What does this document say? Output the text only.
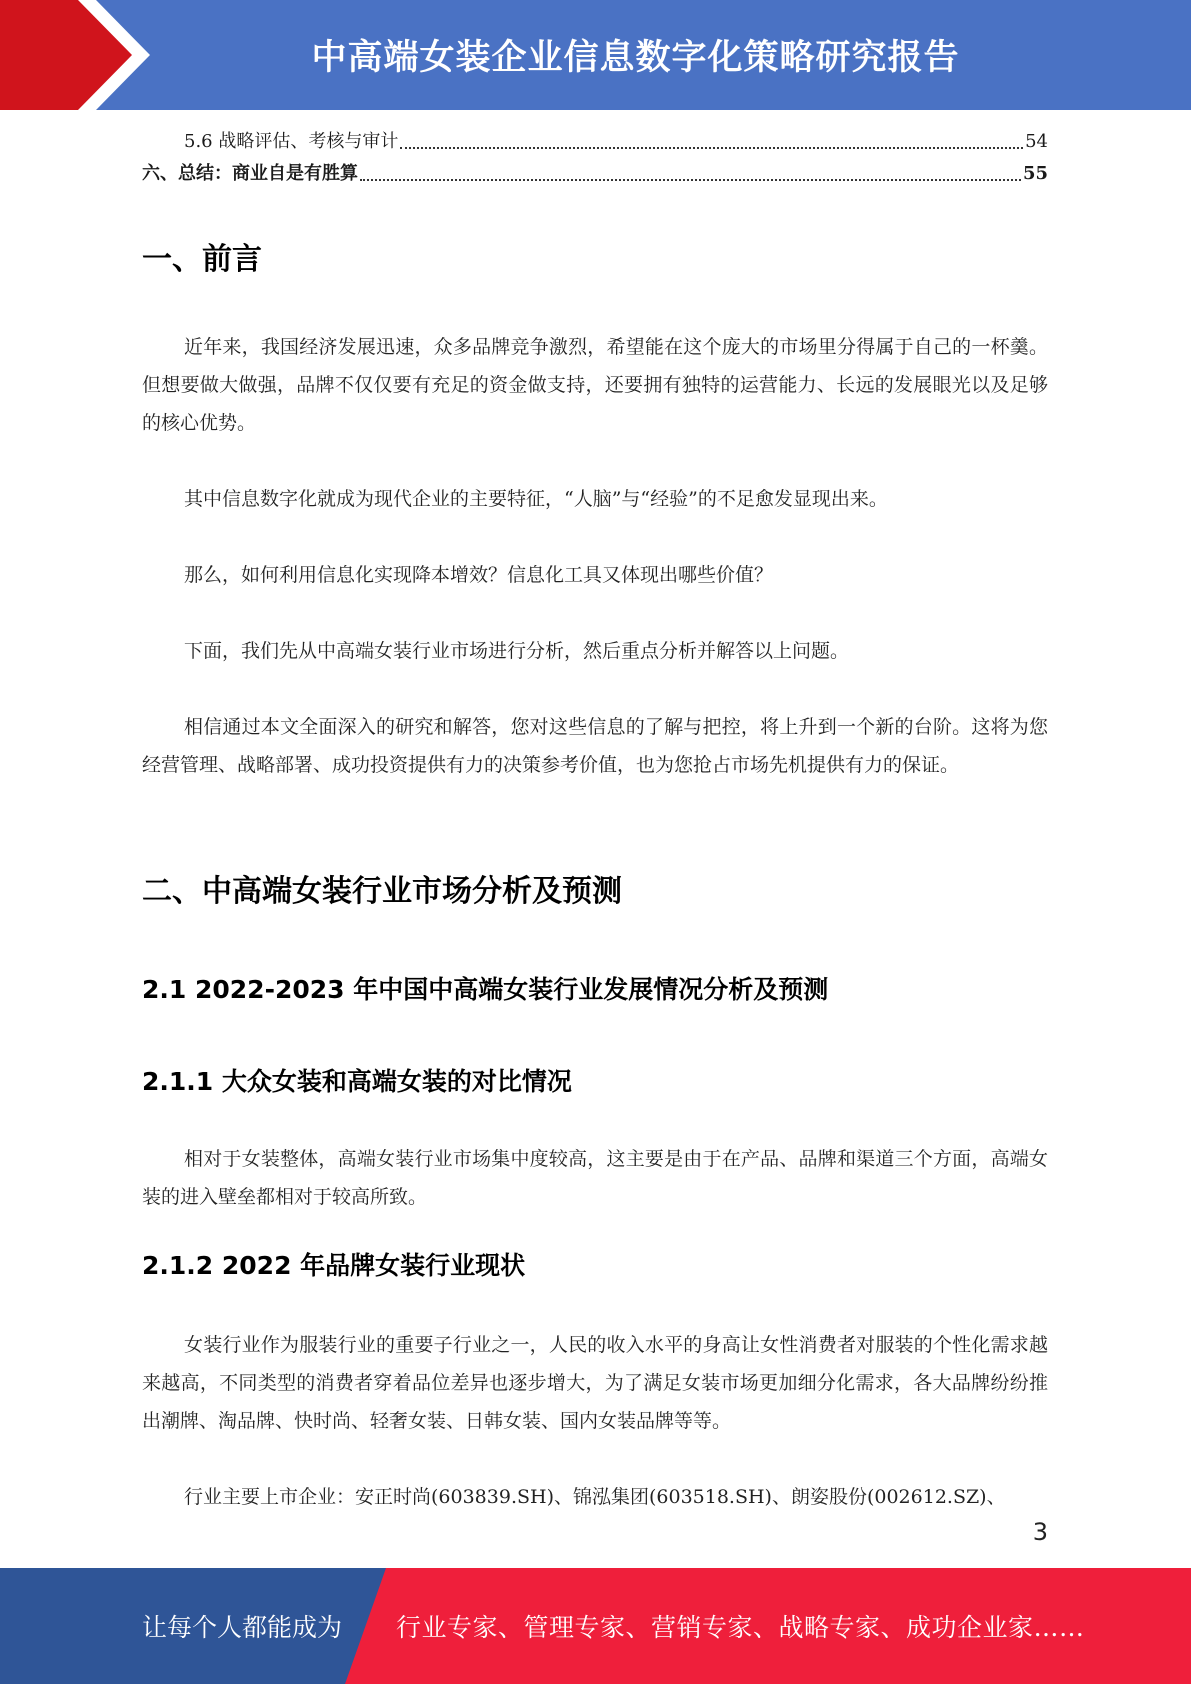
中高端女装企业信息数字化策略研究报告
5.6 战略评估、考核与审计	54
六、总结：商业自是有胜算	55
一、前言

近年来，我国经济发展迅速，众多品牌竞争激烈，希望能在这个庞大的市场里分得属于自己的一杯羹。但想要做大做强，品牌不仅仅要有充足的资金做支持，还要拥有独特的运营能力、长远的发展眼光以及足够的核心优势。

其中信息数字化就成为现代企业的主要特征，“人脑”与“经验”的不足愈发显现出来。

那么，如何利用信息化实现降本增效？信息化工具又体现出哪些价值？

下面，我们先从中高端女装行业市场进行分析，然后重点分析并解答以上问题。

相信通过本文全面深入的研究和解答，您对这些信息的了解与把控，将上升到一个新的台阶。这将为您经营管理、战略部署、成功投资提供有力的决策参考价值，也为您抢占市场先机提供有力的保证。

二、中高端女装行业市场分析及预测
2.1 2022-2023 年中国中高端女装行业发展情况分析及预测
2.1.1 大众女装和高端女装的对比情况

相对于女装整体，高端女装行业市场集中度较高，这主要是由于在产品、品牌和渠道三个方面，高端女装的进入壁垒都相对于较高所致。

2.1.2 2022 年品牌女装行业现状

女装行业作为服装行业的重要子行业之一，人民的收入水平的身高让女性消费者对服装的个性化需求越来越高，不同类型的消费者穿着品位差异也逐步增大，为了满足女装市场更加细分化需求，各大品牌纷纷推出潮牌、淘品牌、快时尚、轻奢女装、日韩女装、国内女装品牌等等。

行业主要上市企业：安正时尚(603839.SH)、锦泓集团(603518.SH)、朗姿股份(002612.SZ)、

3
让每个人都能成为 行业专家、管理专家、营销专家、战略专家、成功企业家……
